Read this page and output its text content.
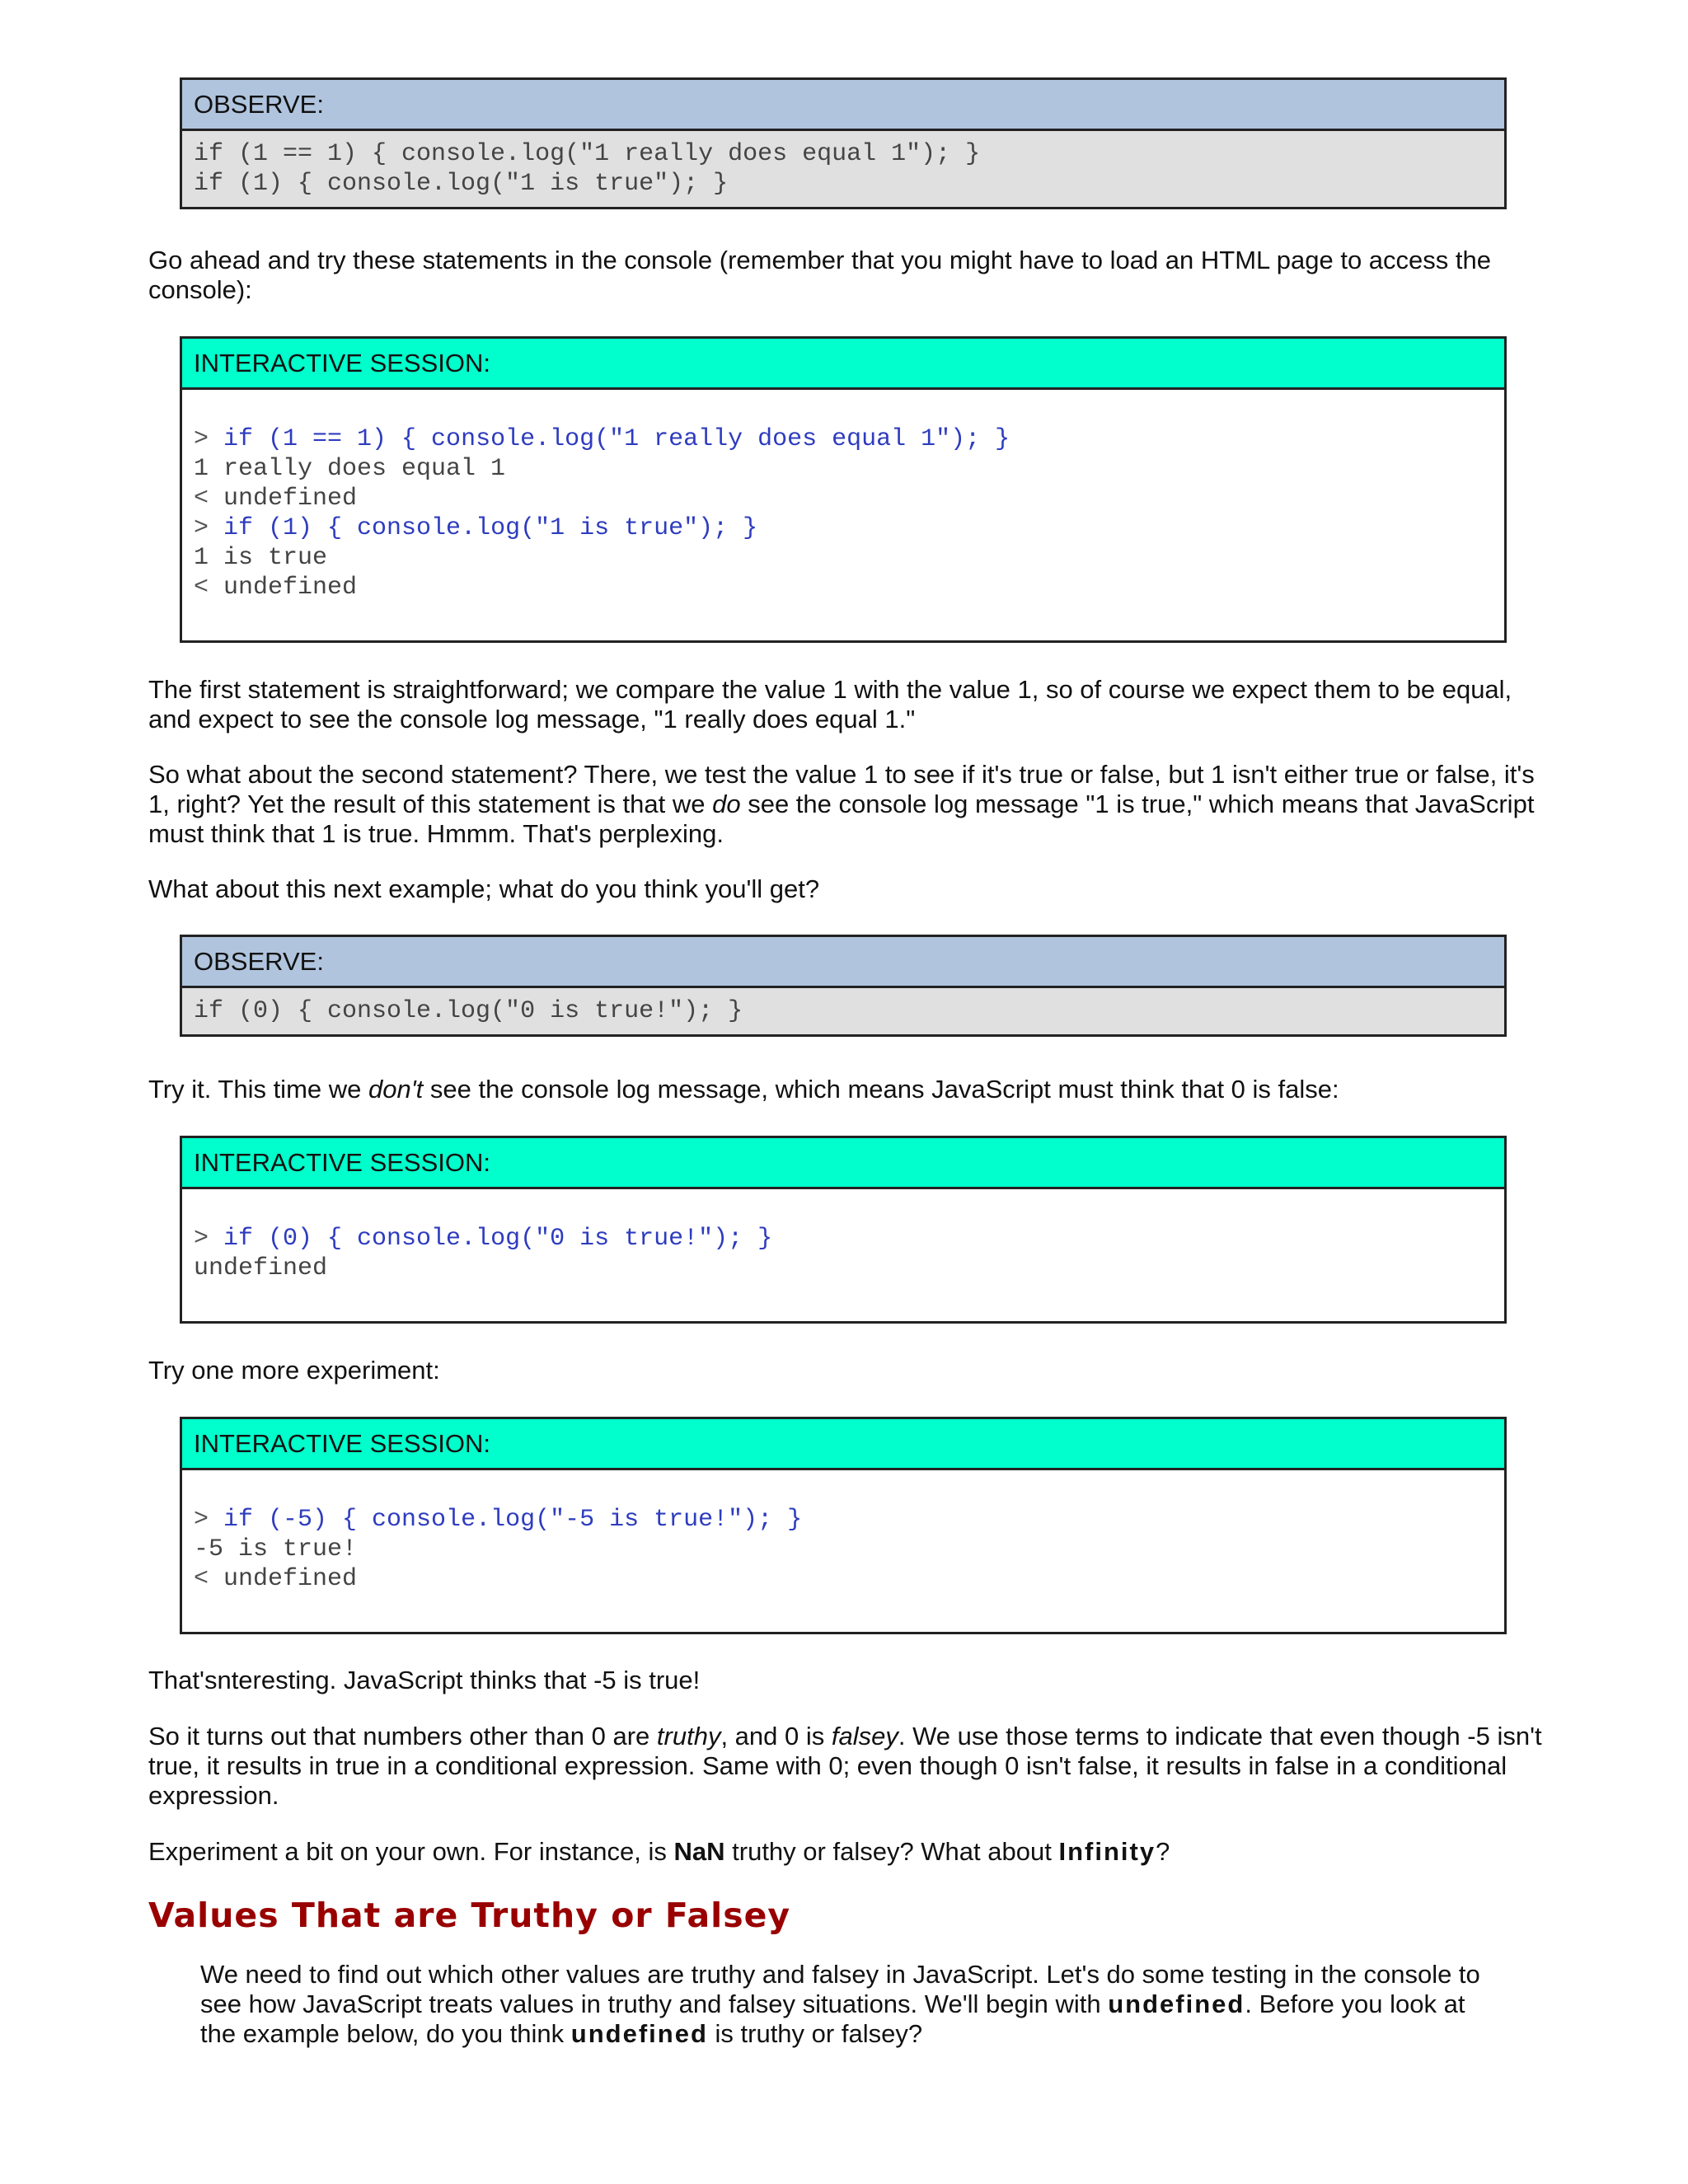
OBSERVE:
if (1 == 1) { console.log("1 really does equal 1"); }
if (1) { console.log("1 is true"); }

Go ahead and try these statements in the console (remember that you might have to load an HTML page to access the console):

INTERACTIVE SESSION:
> if (1 == 1) { console.log("1 really does equal 1"); }
1 really does equal 1
< undefined
> if (1) { console.log("1 is true"); }
1 is true
< undefined

The first statement is straightforward; we compare the value 1 with the value 1, so of course we expect them to be equal, and expect to see the console log message, "1 really does equal 1."

So what about the second statement? There, we test the value 1 to see if it's true or false, but 1 isn't either true or false, it's 1, right? Yet the result of this statement is that we do see the console log message "1 is true," which means that JavaScript must think that 1 is true. Hmmm. That's perplexing.

What about this next example; what do you think you'll get?

OBSERVE:
if (0) { console.log("0 is true!"); }

Try it. This time we don't see the console log message, which means JavaScript must think that 0 is false:

INTERACTIVE SESSION:
> if (0) { console.log("0 is true!"); }
undefined

Try one more experiment:

INTERACTIVE SESSION:
> if (-5) { console.log("-5 is true!"); }
-5 is true!
< undefined

That'snteresting. JavaScript thinks that -5 is true!

So it turns out that numbers other than 0 are truthy, and 0 is falsey. We use those terms to indicate that even though -5 isn't true, it results in true in a conditional expression. Same with 0; even though 0 isn't false, it results in false in a conditional expression.

Experiment a bit on your own. For instance, is NaN truthy or falsey? What about Infinity?

Values That are Truthy or Falsey

We need to find out which other values are truthy and falsey in JavaScript. Let's do some testing in the console to see how JavaScript treats values in truthy and falsey situations. We'll begin with undefined. Before you look at the example below, do you think undefined is truthy or falsey?
